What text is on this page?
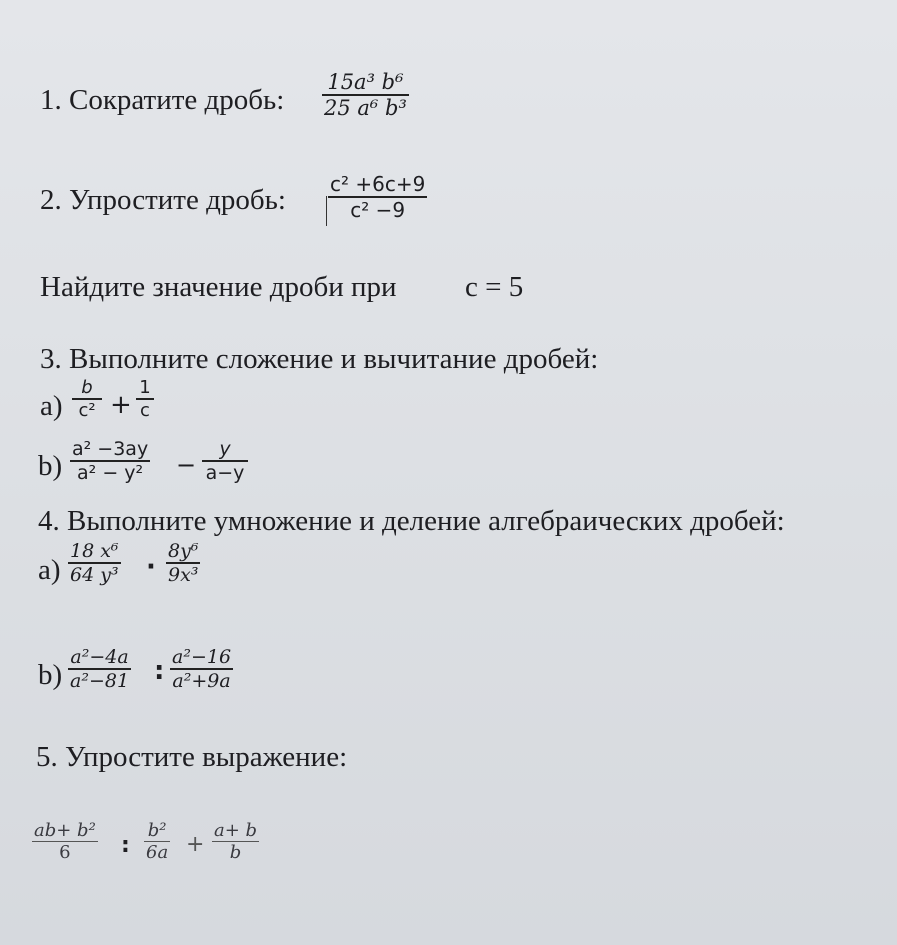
1. Сократите дробь:
15a³ b⁶
25 a⁶ b³
2. Упростите дробь: c² +6c+9
c² −9
Найдите значение дроби при c = 5
3. Выполните сложение и вычитание дробей:
a)
b
c² +
1
c
b)
a² −3ay
a² − y² −
y
a−y
4. Выполните умножение и деление алгебраических дробей:
a)
18 x⁶
64 y³ ·
8y⁶
9x³
b)
a²−4a
a²−81 : a²−16
a²+9a
5. Упростите выражение:
ab+ b²
6 :
b²
6a +
a+ b
b
